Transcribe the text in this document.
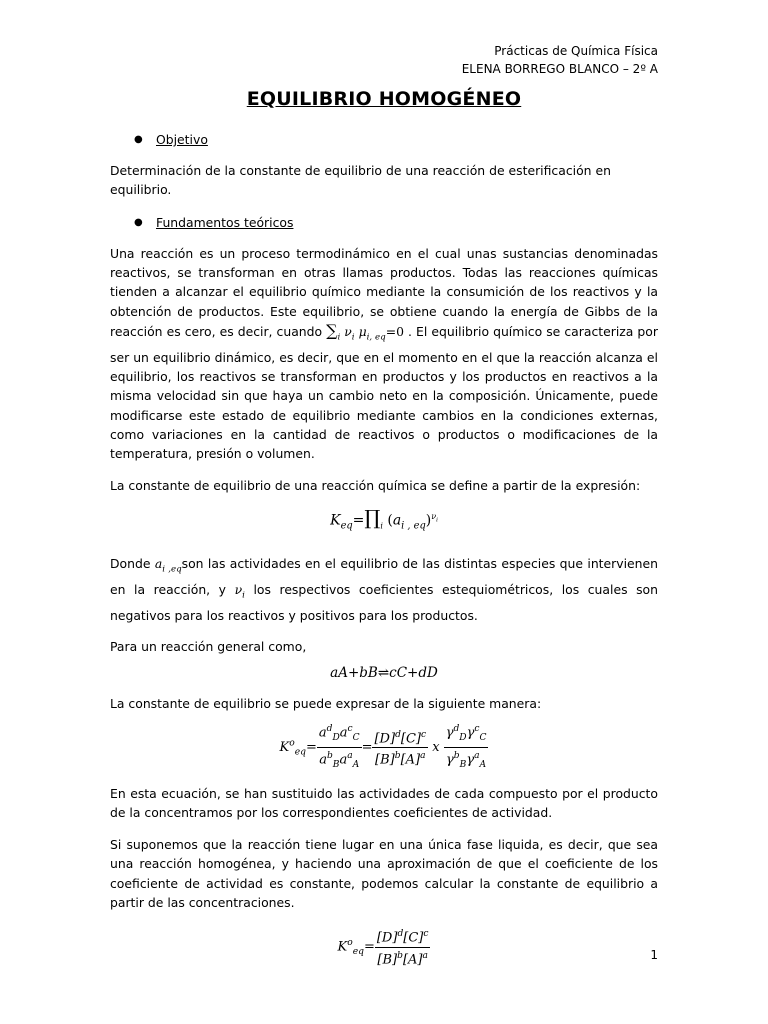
Prácticas de Química Física
ELENA BORREGO BLANCO – 2º A
EQUILIBRIO HOMOGÉNEO
● Objetivo

Determinación de la constante de equilibrio de una reacción de esterificación en equilibrio.

● Fundamentos teóricos

Una reacción es un proceso termodinámico en el cual unas sustancias denominadas reactivos, se transforman en otras llamas productos. Todas las reacciones químicas tienden a alcanzar el equilibrio químico mediante la consumición de los reactivos y la obtención de productos. Este equilibrio, se obtiene cuando la energía de Gibbs de la reacción es cero, es decir, cuando $\sum_i$ $\nu_i$ $\mu_{i, eq}=0$ . El equilibrio químico se caracteriza por ser un equilibrio dinámico, es decir, que en el momento en el que la reacción alcanza el equilibrio, los reactivos se transforman en productos y los productos en reactivos a la misma velocidad sin que haya un cambio neto en la composición. Únicamente, puede modificarse este estado de equilibrio mediante cambios en la condiciones externas, como variaciones en la cantidad de reactivos o productos o modificaciones de la temperatura, presión o volumen.

La constante de equilibrio de una reacción química se define a partir de la expresión:

$K_{eq}=\prod_i$ $(a_{i , eq})^{\nu_i}$

Donde $a_{i ,eq}son$ las actividades en el equilibrio de las distintas especies que intervienen en la reacción, y $\nu_i$ los respectivos coeficientes estequiométricos, los cuales son negativos para los reactivos y positivos para los productos.

Para un reacción general como,

aA+bB⇌cC+dD

La constante de equilibrio se puede expresar de la siguiente manera:

$K^o_{eq}= \frac{a^d_Da^c_C}{a^b_Ba^a_A} = \frac{[D]^d[C]^c}{[B]^b[A]^a}$ x $\frac{\gamma^d_D\gamma^c_C}{\gamma^b_B\gamma^a_A}$

En esta ecuación, se han sustituido las actividades de cada compuesto por el producto de la concentramos por los correspondientes coeficientes de actividad.

Si suponemos que la reacción tiene lugar en una única fase liquida, es decir, que sea una reacción homogénea, y haciendo una aproximación de que el coeficiente de los coeficiente de actividad es constante, podemos calcular la constante de equilibrio a partir de las concentraciones.

$K^o_{eq}= \frac{[D]^d[C]^c}{[B]^b[A]^a}$	1
